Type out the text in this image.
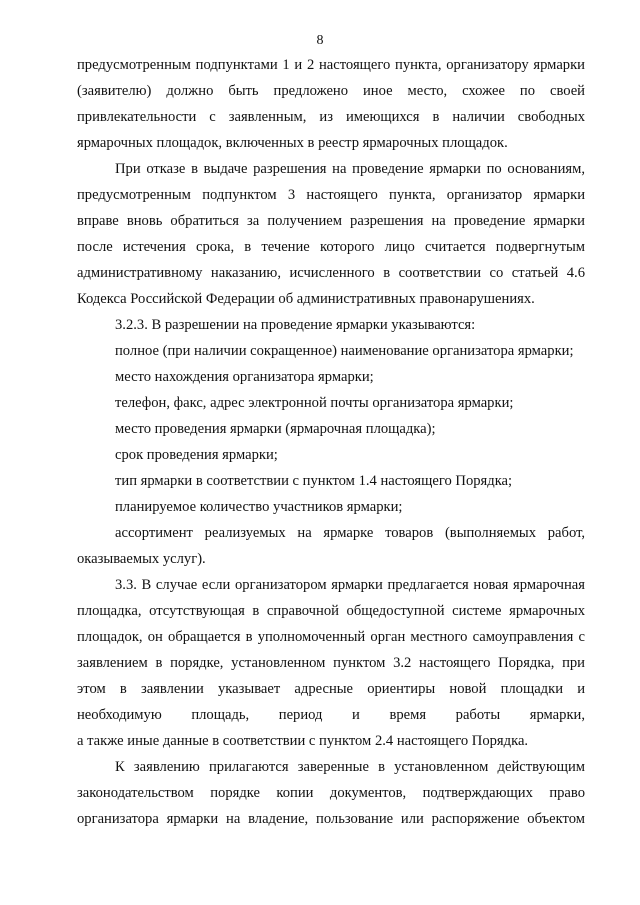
8
предусмотренным подпунктами 1 и 2 настоящего пункта, организатору ярмарки
(заявителю) должно быть предложено иное место, схожее по своей
привлекательности с заявленным, из имеющихся в наличии свободных
ярмарочных площадок, включенных в реестр ярмарочных площадок.
При отказе в выдаче разрешения на проведение ярмарки по основаниям,
предусмотренным подпунктом 3 настоящего пункта, организатор ярмарки
вправе вновь обратиться за получением разрешения на проведение ярмарки
после истечения срока, в течение которого лицо считается подвергнутым
административному наказанию, исчисленного в соответствии со статьей 4.6
Кодекса Российской Федерации об административных правонарушениях.
3.2.3. В разрешении на проведение ярмарки указываются:
полное (при наличии сокращенное) наименование организатора ярмарки;
место нахождения организатора ярмарки;
телефон, факс, адрес электронной почты организатора ярмарки;
место проведения ярмарки (ярмарочная площадка);
срок проведения ярмарки;
тип ярмарки в соответствии с пунктом 1.4 настоящего Порядка;
планируемое количество участников ярмарки;
ассортимент реализуемых на ярмарке товаров (выполняемых работ,
оказываемых услуг).
3.3. В случае если организатором ярмарки предлагается новая ярмарочная
площадка, отсутствующая в справочной общедоступной системе ярмарочных
площадок, он обращается в уполномоченный орган местного самоуправления с
заявлением в порядке, установленном пунктом 3.2 настоящего Порядка, при
этом в заявлении указывает адресные ориентиры новой площадки и
необходимую площадь, период и время работы ярмарки,
а также иные данные в соответствии с пунктом 2.4 настоящего Порядка.
К заявлению прилагаются заверенные в установленном действующим
законодательством порядке копии документов, подтверждающих право
организатора ярмарки на владение, пользование или распоряжение объектом
